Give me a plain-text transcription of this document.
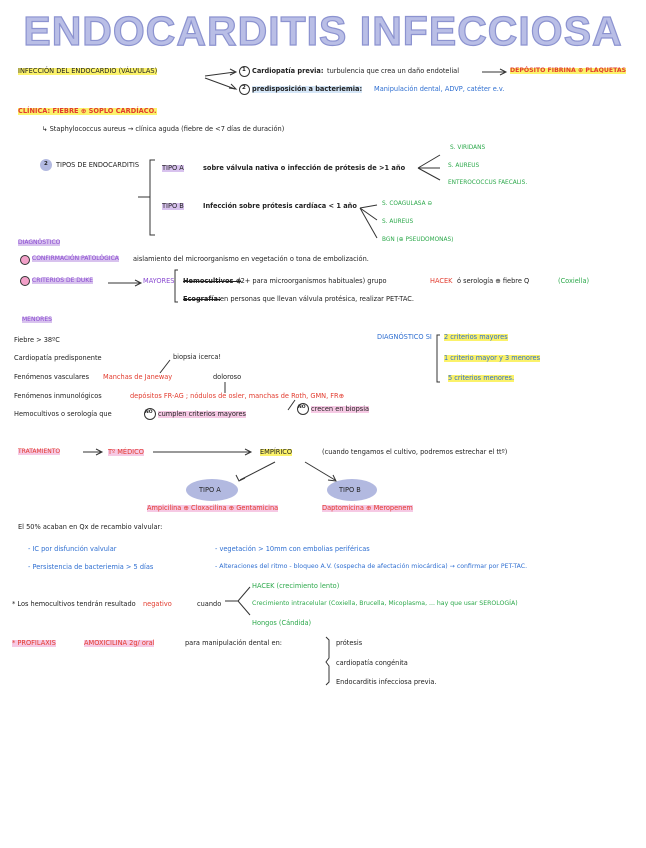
ENDOCARDITIS INFECCIOSA
INFECCIÓN DEL ENDOCARDIO (VÁLVULAS)	1 Cardiopatía previa: turbulencia que crea un daño endotelial	DEPÓSITO FIBRINA ⊕ PLAQUETAS
2 predisposición a bacteriemia: Manipulación dental, ADVP, catéter e.v.
CLÍNICA: FIEBRE ⊕ SOPLO CARDÍACO.
↳ Staphylococcus aureus → clínica aguda (fiebre de <7 días de duración)
2 TIPOS DE ENDOCARDITIS	TIPO A	sobre válvula nativa o infección de prótesis de >1 año
S. VIRIDANS
S. AUREUS
ENTEROCOCCUS FAECALIS.
TIPO B	Infección sobre prótesis cardíaca < 1 año	S. COAGULASA ⊖
S. AUREUS
BGN (⊕ PSEUDOMONAS)
DIAGNÓSTICO
CONFIRMACIÓN PATOLÓGICA aislamiento del microorganismo en vegetación o tona de embolización.
CRITERIOS DE DUKE	MAYORES Hemocultivos ⊕
(2+ para microorganismos habituales) grupo	HACEK ó serología ⊕ fiebre Q	(Coxiella)
Ecografía: en personas que llevan válvula protésica, realizar PET-TAC.
MENORES
Fiebre > 38ºC
Cardiopatía predisponente
Fenómenos vasculares Manchas de Janeway
Fenómenos inmunológicos	depósitos FR-AG ; nódulos de osler, manchas de Roth, GMN, FR⊕
Hemocultivos o serología que	NO cumplen criterios mayores
biopsia icerca!
doloroso
NO crecen en biopsia
DIAGNÓSTICO SI 2 criterios mayores
1 criterio mayor y 3 menores
5 criterios menores.
TRATAMIENTO	Tº MÉDICO	EMPÍRICO	(cuando tengamos el cultivo, podremos estrechar el ttº)
TIPO A	TIPO B
Ampicilina ⊕ Cloxacilina ⊕ Gentamicina	Daptomicina ⊕ Meropenem
El 50% acaban en Qx de recambio valvular:
- IC por disfunción valvular
- Persistencia de bacteriemia > 5 días
- vegetación > 10mm con embolias periféricas
- Alteraciones del ritmo - bloqueo A.V. (sospecha de afectación miocárdica) → confirmar por PET-TAC.
* Los hemocultivos tendrán resultado negativo	cuando
HACEK (crecimiento lento)
Crecimiento intracelular (Coxiella, Brucella, Micoplasma, ... hay que usar SEROLOGÍA)
Hongos (Cándida)
* PROFILAXIS	AMOXICILINA 2g/ oral	para manipulación dental en:	prótesis
cardiopatía congénita
Endocarditis infecciosa previa.
